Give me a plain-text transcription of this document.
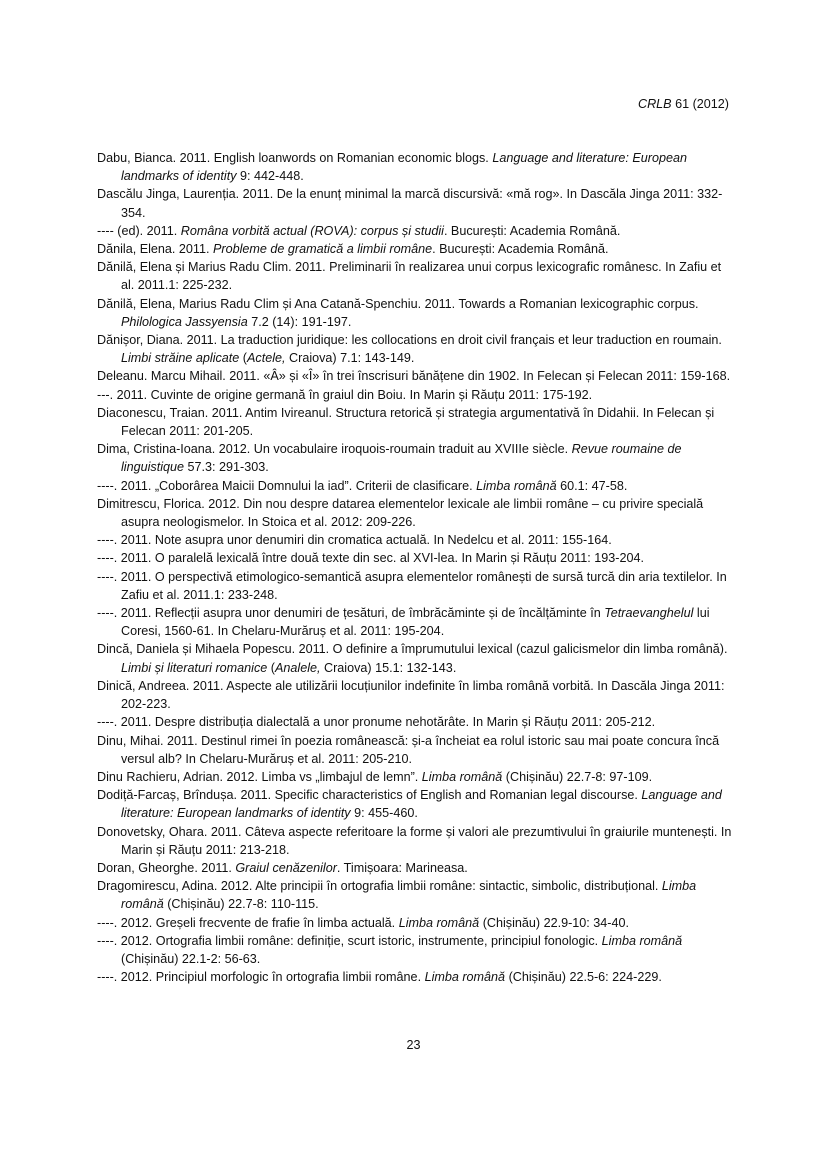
CRLB 61 (2012)

Dabu, Bianca. 2011. English loanwords on Romanian economic blogs. Language and literature: European landmarks of identity 9: 442-448.

Dascălu Jinga, Laurenția. 2011. De la enunț minimal la marcă discursivă: «mă rog». In Dascăla Jinga 2011: 332-354.

---- (ed). 2011. Româna vorbită actual (ROVA): corpus și studii. București: Academia Română.

Dănila, Elena. 2011. Probleme de gramatică a limbii române. București: Academia Română.

Dănilă, Elena și Marius Radu Clim. 2011. Preliminarii în realizarea unui corpus lexicografic românesc. In Zafiu et al. 2011.1: 225-232.

Dănilă, Elena, Marius Radu Clim și Ana Catană-Spenchiu. 2011. Towards a Romanian lexicographic corpus. Philologica Jassyensia 7.2 (14): 191-197.

Dănișor, Diana. 2011. La traduction juridique: les collocations en droit civil français et leur traduction en roumain. Limbi străine aplicate (Actele, Craiova) 7.1: 143-149.

Deleanu. Marcu Mihail. 2011. «Â» și «Î» în trei înscrisuri bănățene din 1902. In Felecan și Felecan 2011: 159-168.

---. 2011. Cuvinte de origine germană în graiul din Boiu. In Marin și Răuțu 2011: 175-192.

Diaconescu, Traian. 2011. Antim Ivireanul. Structura retorică și strategia argumentativă în Didahii. In Felecan și Felecan 2011: 201-205.

Dima, Cristina-Ioana. 2012. Un vocabulaire iroquois-roumain traduit au XVIIIe siècle. Revue roumaine de linguistique 57.3: 291-303.

----. 2011. „Coborârea Maicii Domnului la iad”. Criterii de clasificare. Limba română 60.1: 47-58.

Dimitrescu, Florica. 2012. Din nou despre datarea elementelor lexicale ale limbii române – cu privire specială asupra neologismelor. In Stoica et al. 2012: 209-226.

----. 2011. Note asupra unor denumiri din cromatica actuală. In Nedelcu et al. 2011: 155-164.

----. 2011. O paralelă lexicală între două texte din sec. al XVI-lea. In Marin și Răuțu 2011: 193-204.

----. 2011. O perspectivă etimologico-semantică asupra elementelor românești de sursă turcă din aria textilelor. In Zafiu et al. 2011.1: 233-248.

----. 2011. Reflecții asupra unor denumiri de țesături, de îmbrăcăminte și de încălțăminte în Tetraevanghelul lui Coresi, 1560-61. In Chelaru-Murăruș et al. 2011: 195-204.

Dincă, Daniela și Mihaela Popescu. 2011. O definire a împrumutului lexical (cazul galicismelor din limba română). Limbi și literaturi romanice (Analele, Craiova) 15.1: 132-143.

Dinică, Andreea. 2011. Aspecte ale utilizării locuțiunilor indefinite în limba română vorbită. In Dascăla Jinga 2011: 202-223.

----. 2011. Despre distribuția dialectală a unor pronume nehotărâte. In Marin și Răuțu 2011: 205-212.

Dinu, Mihai. 2011. Destinul rimei în poezia românească: și-a încheiat ea rolul istoric sau mai poate concura încă versul alb? In Chelaru-Murăruș et al. 2011: 205-210.

Dinu Rachieru, Adrian. 2012. Limba vs „limbajul de lemn”. Limba română (Chișinău) 22.7-8: 97-109.

Dodiță-Farcaș, Brîndușa. 2011. Specific characteristics of English and Romanian legal discourse. Language and literature: European landmarks of identity 9: 455-460.

Donovetsky, Ohara. 2011. Câteva aspecte referitoare la forme și valori ale prezumtivului în graiurile muntenești. In Marin și Răuțu 2011: 213-218.

Doran, Gheorghe. 2011. Graiul cenăzenilor. Timișoara: Marineasa.

Dragomirescu, Adina. 2012. Alte principii în ortografia limbii române: sintactic, simbolic, distribuțional. Limba română (Chișinău) 22.7-8: 110-115.

----. 2012. Greșeli frecvente de frafie în limba actuală. Limba română (Chișinău) 22.9-10: 34-40.

----. 2012. Ortografia limbii române: definiție, scurt istoric, instrumente, principiul fonologic. Limba română (Chișinău) 22.1-2: 56-63.

----. 2012. Principiul morfologic în ortografia limbii române. Limba română (Chișinău) 22.5-6: 224-229.

23
